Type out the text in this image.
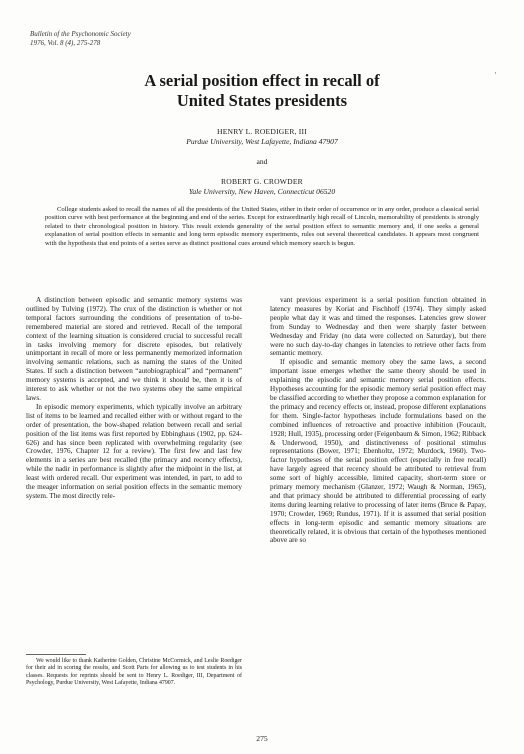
Bulletin of the Psychonomic Society
1976, Vol. 8 (4), 275-278
·
A serial position effect in recall of
United States presidents
HENRY L. ROEDIGER, III
Purdue University, West Lafayette, Indiana 47907
and
ROBERT G. CROWDER
Yale University, New Haven, Connecticut 06520

College students asked to recall the names of all the presidents of the United States, either in their order of occurrence or in any order, produce a classical serial position curve with best performance at the beginning and end of the series. Except for extraordinarily high recall of Lincoln, memorability of presidents is strongly related to their chronological position in history. This result extends generality of the serial position effect to semantic memory and, if one seeks a general explanation of serial position effects in semantic and long term episodic memory experiments, rules out several theoretical candidates. It appears most congruent with the hypothesis that end points of a series serve as distinct positional cues around which memory search is begun.

A distinction between episodic and semantic memory systems was outlined by Tulving (1972). The crux of the distinction is whether or not temporal factors surrounding the conditions of presentation of to-be-remembered material are stored and retrieved. Recall of the temporal context of the learning situation is considered crucial to successful recall in tasks involving memory for discrete episodes, but relatively unimportant in recall of more or less permanently memorized information involving semantic relations, such as naming the states of the United States. If such a distinction between “autobiographical” and “permanent” memory systems is accepted, and we think it should be, then it is of interest to ask whether or not the two systems obey the same empirical laws.

In episodic memory experiments, which typically involve an arbitrary list of items to be learned and recalled either with or without regard to the order of presentation, the bow-shaped relation between recall and serial position of the list items was first reported by Ebbinghaus (1902, pp. 624-626) and has since been replicated with overwhelming regularity (see Crowder, 1976, Chapter 12 for a review). The first few and last few elements in a series are best recalled (the primacy and recency effects), while the nadir in performance is slightly after the midpoint in the list, at least with ordered recall. Our experiment was intended, in part, to add to the meager information on serial position effects in the semantic memory system. The most directly rele-

We would like to thank Katherine Golden, Christine McCormick, and Leslie Roediger for their aid in scoring the results, and Scott Paris for allowing us to test students in his classes. Requests for reprints should be sent to Henry L. Roediger, III, Department of Psychology, Purdue University, West Lafayette, Indiana 47907.

vant previous experiment is a serial position function obtained in latency measures by Koriat and Fischhoff (1974). They simply asked people what day it was and timed the responses. Latencies grew slower from Sunday to Wednesday and then were sharply faster between Wednesday and Friday (no data were collected on Saturday), but there were no such day-to-day changes in latencies to retrieve other facts from semantic memory.

If episodic and semantic memory obey the same laws, a second important issue emerges whether the same theory should be used in explaining the episodic and semantic memory serial position effects. Hypotheses accounting for the episodic memory serial position effect may be classified according to whether they propose a common explanation for the primacy and recency effects or, instead, propose different explanations for them. Single-factor hypotheses include formulations based on the combined influences of retroactive and proactive inhibition (Foucault, 1928; Hull, 1935), processing order (Feigenbaum & Simon, 1962; Ribback & Underwood, 1950), and distinctiveness of positional stimulus representations (Bower, 1971; Ebenholtz, 1972; Murdock, 1960). Two-factor hypotheses of the serial position effect (especially in free recall) have largely agreed that recency should be attributed to retrieval from some sort of highly accessible, limited capacity, short-term store or primary memory mechanism (Glanzer, 1972; Waugh & Norman, 1965), and that primacy should be attributed to differential processing of early items during learning relative to processing of later items (Bruce & Papay, 1970; Crowder, 1969; Rundus, 1971). If it is assumed that serial position effects in long-term episodic and semantic memory situations are theoretically related, it is obvious that certain of the hypotheses mentioned above are so

275
